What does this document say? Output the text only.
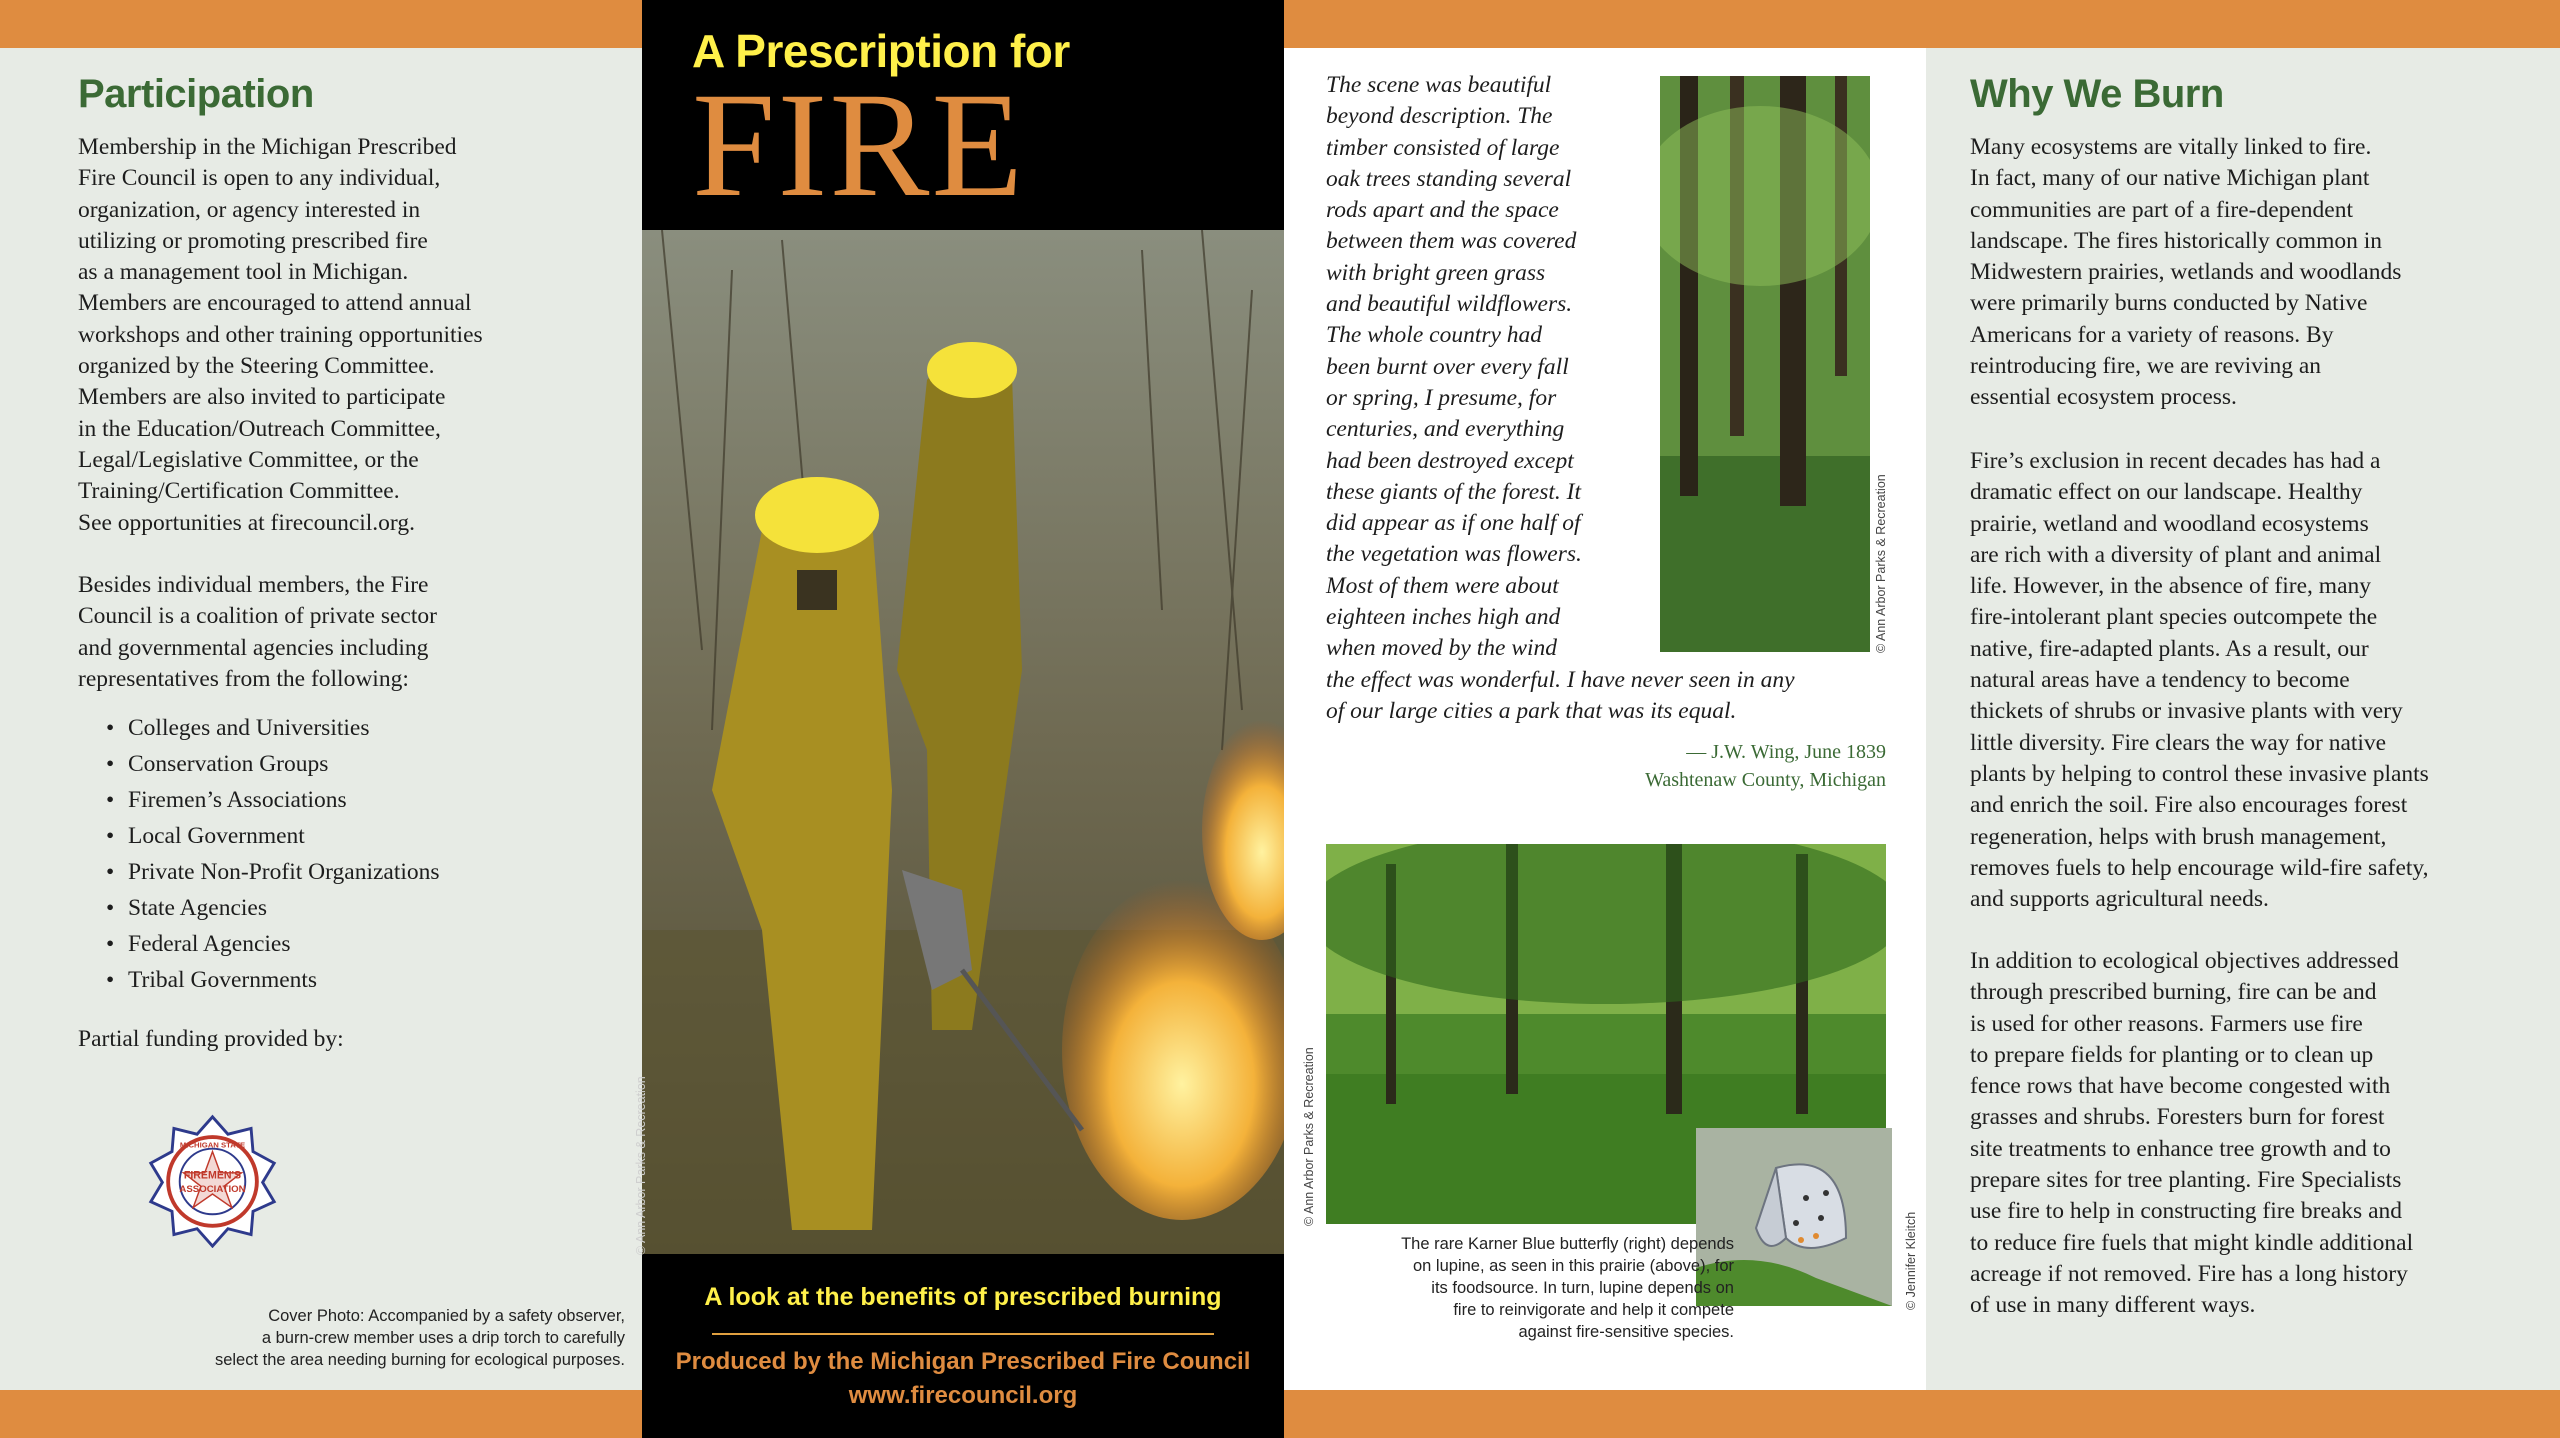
Participation

Membership in the Michigan Prescribed
Fire Council is open to any individual,
organization, or agency interested in
utilizing or promoting prescribed fire
as a management tool in Michigan.
Members are encouraged to attend annual
workshops and other training opportunities
organized by the Steering Committee.
Members are also invited to participate
in the Education/Outreach Committee,
Legal/Legislative Committee, or the
Training/Certification Committee.
See opportunities at firecouncil.org.

Besides individual members, the Fire
Council is a coalition of private sector
and governmental agencies including
representatives from the following:

• Colleges and Universities
• Conservation Groups
• Firemen’s Associations
• Local Government
• Private Non-Profit Organizations
• State Agencies
• Federal Agencies
• Tribal Governments

Partial funding provided by:

MICHIGAN STATE
FIREMEN'S
ASSOCIATION
Cover Photo: Accompanied by a safety observer,
a burn-crew member uses a drip torch to carefully
select the area needing burning for ecological purposes.
A Prescription for
FIRE
© Ann Arbor Parks & Recreation
A look at the benefits of prescribed burning
Produced by the Michigan Prescribed Fire Council
www.firecouncil.org
The scene was beautiful
beyond description. The
timber consisted of large
oak trees standing several
rods apart and the space
between them was covered
with bright green grass
and beautiful wildflowers.
The whole country had
been burnt over every fall
or spring, I presume, for
centuries, and everything
had been destroyed except
these giants of the forest. It
did appear as if one half of
the vegetation was flowers.
Most of them were about
eighteen inches high and
when moved by the wind
the effect was wonderful. I have never seen in any
of our large cities a park that was its equal.
© Ann Arbor Parks & Recreation
— J.W. Wing, June 1839
Washtenaw County, Michigan
© Ann Arbor Parks & Recreation
© Jennifer Kleitch
The rare Karner Blue butterfly (right) depends
on lupine, as seen in this prairie (above), for
its foodsource. In turn, lupine depends on
fire to reinvigorate and help it compete
against fire-sensitive species.
Why We Burn

Many ecosystems are vitally linked to fire.
In fact, many of our native Michigan plant
communities are part of a fire-dependent
landscape. The fires historically common in
Midwestern prairies, wetlands and woodlands
were primarily burns conducted by Native
Americans for a variety of reasons. By
reintroducing fire, we are reviving an
essential ecosystem process.

Fire’s exclusion in recent decades has had a
dramatic effect on our landscape. Healthy
prairie, wetland and woodland ecosystems
are rich with a diversity of plant and animal
life. However, in the absence of fire, many
fire-intolerant plant species outcompete the
native, fire-adapted plants. As a result, our
natural areas have a tendency to become
thickets of shrubs or invasive plants with very
little diversity. Fire clears the way for native
plants by helping to control these invasive plants
and enrich the soil. Fire also encourages forest
regeneration, helps with brush management,
removes fuels to help encourage wild-fire safety,
and supports agricultural needs.

In addition to ecological objectives addressed
through prescribed burning, fire can be and
is used for other reasons. Farmers use fire
to prepare fields for planting or to clean up
fence rows that have become congested with
grasses and shrubs. Foresters burn for forest
site treatments to enhance tree growth and to
prepare sites for tree planting. Fire Specialists
use fire to help in constructing fire breaks and
to reduce fire fuels that might kindle additional
acreage if not removed. Fire has a long history
of use in many different ways.
